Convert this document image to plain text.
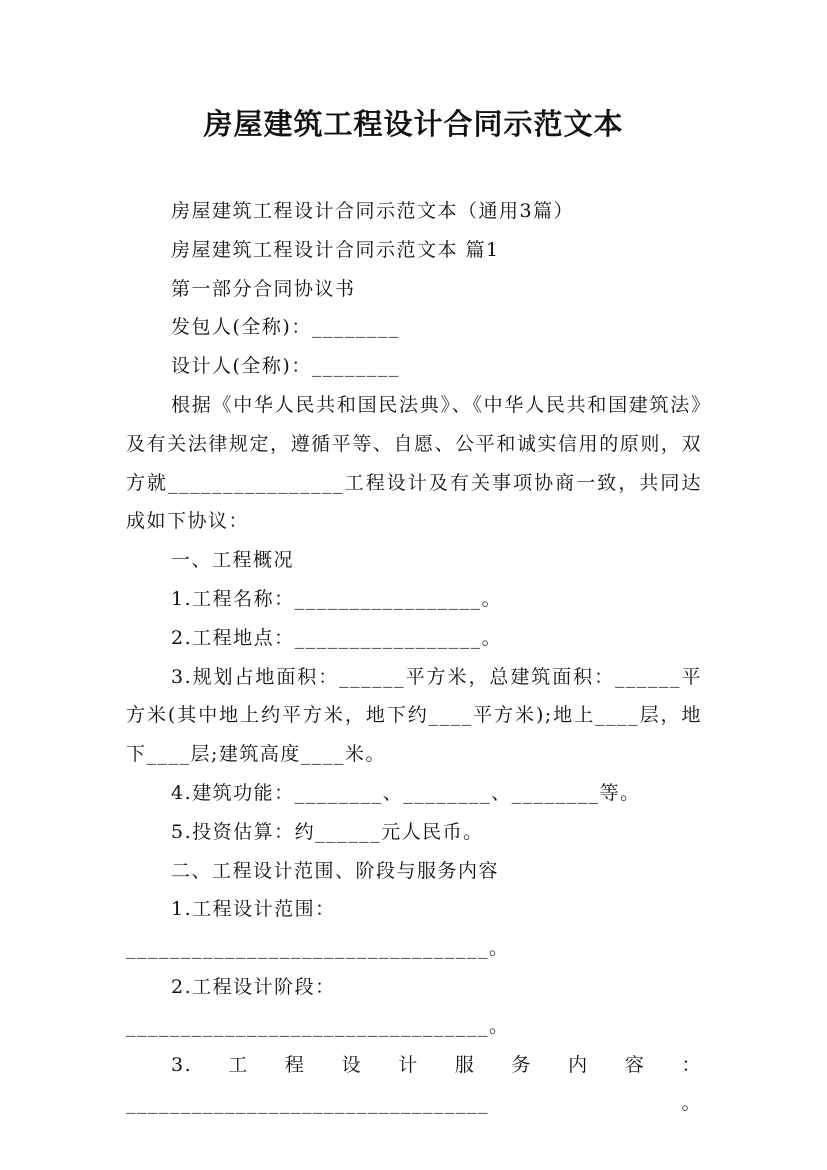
房屋建筑工程设计合同示范文本

房屋建筑工程设计合同示范文本（通用3篇）

房屋建筑工程设计合同示范文本 篇1

第一部分合同协议书

发包人(全称)：________

设计人(全称)：________

根据《中华人民共和国民法典》、《中华人民共和国建筑法》及有关法律规定，遵循平等、自愿、公平和诚实信用的原则，双方就________________工程设计及有关事项协商一致，共同达成如下协议：

一、工程概况

1.工程名称：_________________。

2.工程地点：_________________。

3.规划占地面积：______平方米，总建筑面积：______平方米(其中地上约平方米，地下约____平方米);地上____层，地下____层;建筑高度____米。

4.建筑功能：________、________、________等。

5.投资估算：约______元人民币。

二、工程设计范围、阶段与服务内容

1.工程设计范围：_________________________________。

2.工程设计阶段：_________________________________。

3.工程设计服务内容：_________________________________。
